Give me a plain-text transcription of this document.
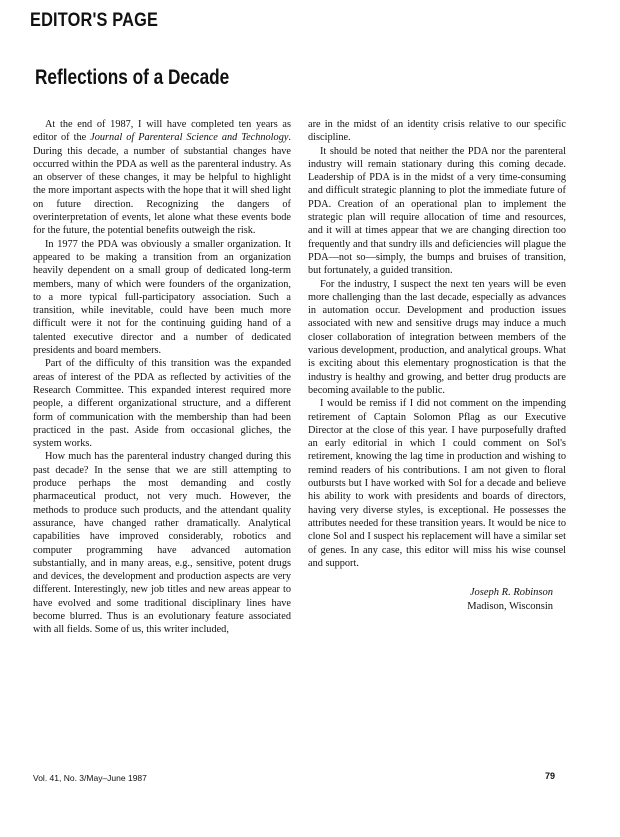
EDITOR'S PAGE
Reflections of a Decade

At the end of 1987, I will have completed ten years as editor of the Journal of Parenteral Science and Technology. During this decade, a number of substantial changes have occurred within the PDA as well as the parenteral industry. As an observer of these changes, it may be helpful to highlight the more important aspects with the hope that it will shed light on future direction. Recognizing the dangers of overinterpretation of events, let alone what these events bode for the future, the potential benefits outweigh the risk.

In 1977 the PDA was obviously a smaller organization. It appeared to be making a transition from an organization heavily dependent on a small group of dedicated long-term members, many of which were founders of the organization, to a more typical full-participatory association. Such a transition, while inevitable, could have been much more difficult were it not for the continuing guiding hand of a talented executive director and a number of dedicated presidents and board members.

Part of the difficulty of this transition was the expanded areas of interest of the PDA as reflected by activities of the Research Committee. This expanded interest required more people, a different organizational structure, and a different form of communication with the membership than had been practiced in the past. Aside from occasional gliches, the system works.

How much has the parenteral industry changed during this past decade? In the sense that we are still attempting to produce perhaps the most demanding and costly pharmaceutical product, not very much. However, the methods to produce such products, and the attendant quality assurance, have changed rather dramatically. Analytical capabilities have improved considerably, robotics and computer programming have advanced automation substantially, and in many areas, e.g., sensitive, potent drugs and devices, the development and production aspects are very different. Interestingly, new job titles and new areas appear to have evolved and some traditional disciplinary lines have become blurred. Thus is an evolutionary feature associated with all fields. Some of us, this writer included,

are in the midst of an identity crisis relative to our specific discipline.

It should be noted that neither the PDA nor the parenteral industry will remain stationary during this coming decade. Leadership of PDA is in the midst of a very time-consuming and difficult strategic planning to plot the immediate future of PDA. Creation of an operational plan to implement the strategic plan will require allocation of time and resources, and it will at times appear that we are changing direction too frequently and that sundry ills and deficiencies will plague the PDA—not so—simply, the bumps and bruises of transition, but fortunately, a guided transition.

For the industry, I suspect the next ten years will be even more challenging than the last decade, especially as advances in automation occur. Development and production issues associated with new and sensitive drugs may induce a much closer collaboration of integration between members of the various development, production, and analytical groups. What is exciting about this elementary prognostication is that the industry is healthy and growing, and better drug products are becoming available to the public.

I would be remiss if I did not comment on the impending retirement of Captain Solomon Pflag as our Executive Director at the close of this year. I have purposefully drafted an early editorial in which I could comment on Sol's retirement, knowing the lag time in production and wishing to remind readers of his contributions. I am not given to floral outbursts but I have worked with Sol for a decade and believe his ability to work with presidents and boards of directors, having very diverse styles, is exceptional. He possesses the attributes needed for these transition years. It would be nice to clone Sol and I suspect his replacement will have a similar set of genes. In any case, this editor will miss his wise counsel and support.

Joseph R. Robinson
Madison, Wisconsin
Vol. 41, No. 3/May–June 1987	79
